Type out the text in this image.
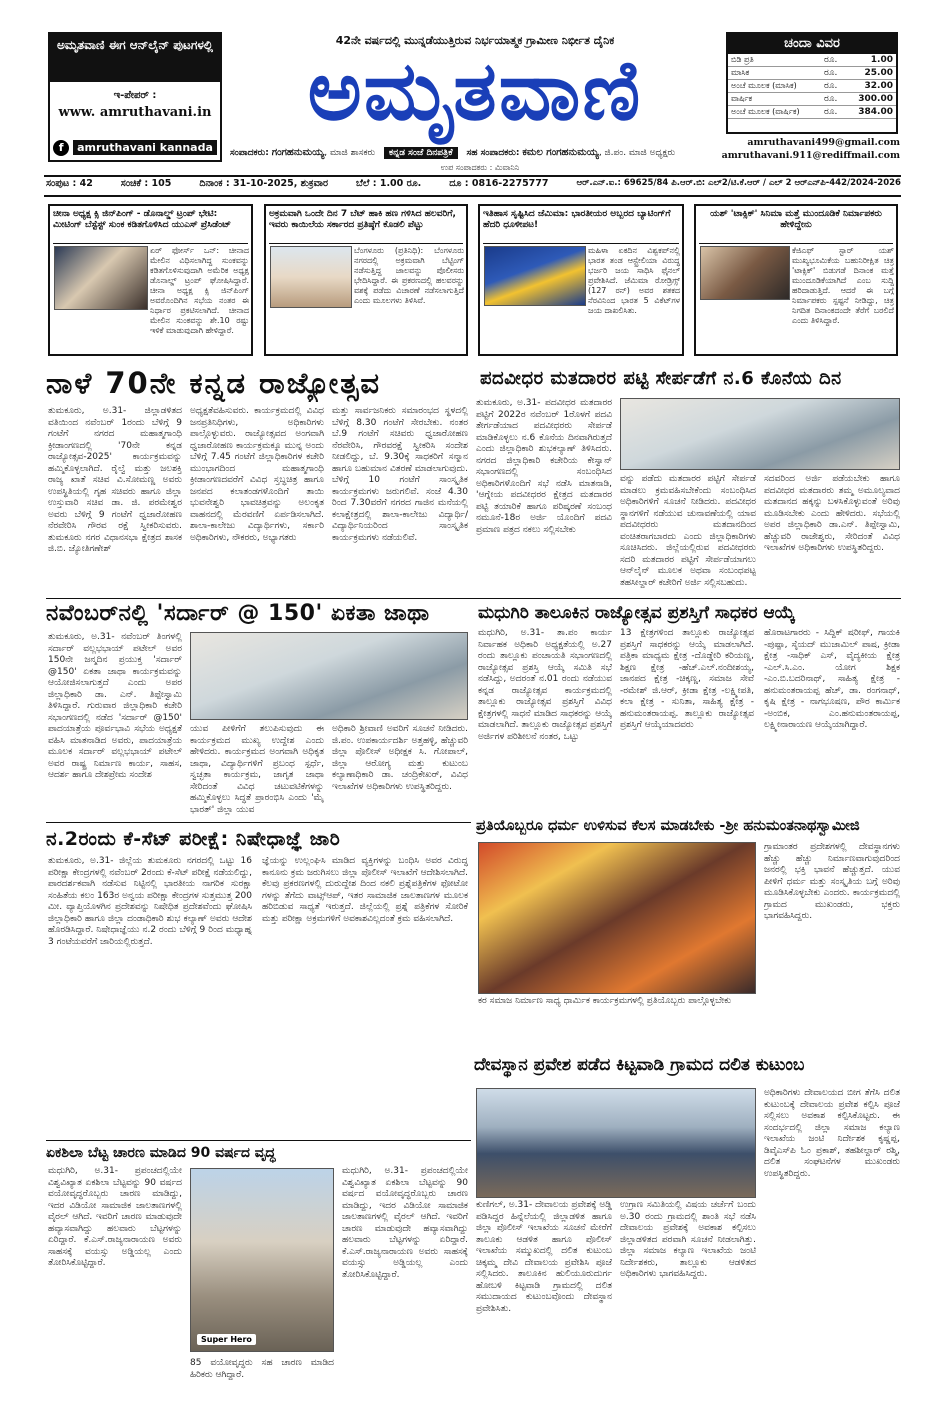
ಅಮೃತವಾಣಿ ಈಗ ಆನ್‌ಲೈನ್ ಪುಟಗಳಲ್ಲಿ
ಇ-ಪೇಪರ್ :
www. amruthavani.in
f amruthavani kannada
42ನೇ ವರ್ಷದಲ್ಲಿ ಮುನ್ನಡೆಯುತ್ತಿರುವ ನಿರ್ಭಯಾತ್ಮಕ ಗ್ರಾಮೀಣ ನಿರ್ಭೀತ ದೈನಿಕ
ಅಮೃತವಾಣಿ
ಸಂಪಾದಕರು: ಗಂಗಹನುಮಯ್ಯ, ಮಾಜಿ ಶಾಸಕರು ಕನ್ನಡ ಸಂಜೆ ದಿನಪತ್ರಿಕೆ ಸಹ ಸಂಪಾದಕರು: ಕಮಲ ಗಂಗಹನುಮಯ್ಯ, ಜಿ.ಪಂ. ಮಾಜಿ ಅಧ್ಯಕ್ಷರು
ಉಪ ಸಂಪಾದಕರು : ಮಿವಾನಿನಿ
ಚಂದಾ ವಿವರ
ಬಿಡಿ ಪ್ರತಿ	ರೂ.	1.00
ಮಾಸಿಕ	ರೂ.	25.00
ಅಂಚೆ ಮೂಲಕ (ಮಾಸಿಕ)	ರೂ.	32.00
ವಾರ್ಷಿಕ	ರೂ.	300.00
ಅಂಚೆ ಮೂಲಕ (ವಾರ್ಷಿಕ)	ರೂ.	384.00
amruthavani499@gmail.com
amruthavani.911@rediffmail.com
ಸಂಪುಟ : 42	ಸಂಚಿಕೆ : 105	ದಿನಾಂಕ : 31-10-2025, ಶುಕ್ರವಾರ	ಬೆಲೆ : 1.00 ರೂ.	ದೂ : 0816-2275777	ಆರ್.ಎನ್.ಐ.: 69625/84 ಪಿ.ಆರ್.ಬಿ: ಎಲ್2/ಟಿ.ಕೆ.ಆರ್ / ಎಲ್ 2 ಆರ್‌ಎನ್‌ಪಿ-442/2024-2026
ಚೀನಾ ಅಧ್ಯಕ್ಷ ಕ್ಸಿ ಜಿನ್‌ಪಿಂಗ್ - ಡೊನಾಲ್ಡ್ ಟ್ರಂಪ್ ಭೇಟಿ: ಮೀಟಿಂಗ್ ಬೆಸ್ಟೆಸ್ಟ್ ಸುಂಕ ಕಡಿತಗೊಳಿಸಿದ ಯುಎಸ್ ಪ್ರೆಸಿಡೆಂಟ್
ಏರ್ ಫೋರ್ಸ್ ಒನ್: ಚೀನಾದ ಮೇಲಿನ ವಿಧಿಸಲಾಗಿದ್ದ ಸುಂಕವನ್ನು ಕಡಿತಗೊಳಿಸುವುದಾಗಿ ಅಮೆರಿಕ ಅಧ್ಯಕ್ಷ ಡೊನಾಲ್ಡ್ ಟ್ರಂಪ್ ಘೋಷಿಸಿದ್ದಾರೆ. ಚೀನಾ ಅಧ್ಯಕ್ಷ ಕ್ಸಿ ಜಿನ್‌ಪಿಂಗ್ ಅವರೊಂದಿಗಿನ ಸಭೆಯ ನಂತರ ಈ ನಿರ್ಧಾರ ಪ್ರಕಟಿಸಲಾಗಿದೆ. ಚೀನಾದ ಮೇಲಿನ ಸುಂಕವನ್ನು ಶೇ.10 ರಷ್ಟು ಇಳಿಕೆ ಮಾಡುವುದಾಗಿ ಹೇಳಿದ್ದಾರೆ.
ಅಕ್ರಮವಾಗಿ ಒಂದೇ ದಿನ 7 ಬೆಟ್ ಹಾಕಿ ಹಣ ಗಳಿಸಿದ ಹಲವರಿಗೆ, ಇವರು ಕಾಯಿಲೆಯ ಸರ್ಕಾರದ ಪ್ರತಿಷ್ಠೆಗೆ ಕೊಡಲಿ ಪೆಟ್ಟು
ಬೆಂಗಳೂರು (ಪ್ರತಿನಿಧಿ): ಬೆಂಗಳೂರು ನಗರದಲ್ಲಿ ಅಕ್ರಮವಾಗಿ ಬೆಟ್ಟಿಂಗ್ ನಡೆಸುತ್ತಿದ್ದ ಜಾಲವನ್ನು ಪೊಲೀಸರು ಭೇದಿಸಿದ್ದಾರೆ. ಈ ಪ್ರಕರಣದಲ್ಲಿ ಹಲವರನ್ನು ವಶಕ್ಕೆ ಪಡೆದು ವಿಚಾರಣೆ ನಡೆಸಲಾಗುತ್ತಿದೆ ಎಂದು ಮೂಲಗಳು ತಿಳಿಸಿವೆ.
ಇತಿಹಾಸ ಸೃಷ್ಟಿಸಿದ ಜೆಮಿಮಾ: ಭಾರತೀಯರ ಅಬ್ಬರದ ಬ್ಯಾಟಿಂಗ್‌ಗೆ ಹೆದರಿ ಧೂಳೀಪಟ!
ಮಹಿಳಾ ಏಕದಿನ ವಿಶ್ವಕಪ್‌ನಲ್ಲಿ ಭಾರತ ತಂಡ ಆಸ್ಟ್ರೇಲಿಯಾ ವಿರುದ್ಧ ಭರ್ಜರಿ ಜಯ ಸಾಧಿಸಿ ಫೈನಲ್ ಪ್ರವೇಶಿಸಿದೆ. ಜೆಮಿಮಾ ರೋಡ್ರಿಗ್ಸ್ (127 ರನ್) ಅವರ ಶತಕದ ನೆರವಿನಿಂದ ಭಾರತ 5 ವಿಕೆಟ್‌ಗಳ ಜಯ ದಾಖಲಿಸಿತು.
ಯಶ್ 'ಟಾಕ್ಸಿಕ್' ಸಿನಿಮಾ ಮತ್ತೆ ಮುಂದೂಡಿಕೆ ನಿರ್ಮಾಪಕರು ಹೇಳಿದ್ದೇನು
ಕೆಜಿಎಫ್ ಸ್ಟಾರ್ ಯಶ್ ಮುಖ್ಯಭೂಮಿಕೆಯ ಬಹುನಿರೀಕ್ಷಿತ ಚಿತ್ರ 'ಟಾಕ್ಸಿಕ್' ಬಿಡುಗಡೆ ದಿನಾಂಕ ಮತ್ತೆ ಮುಂದೂಡಿಕೆಯಾಗಿದೆ ಎಂಬ ಸುದ್ದಿ ಹರಿದಾಡುತ್ತಿದೆ. ಆದರೆ ಈ ಬಗ್ಗೆ ನಿರ್ಮಾಪಕರು ಸ್ಪಷ್ಟನೆ ನೀಡಿದ್ದು, ಚಿತ್ರ ನಿಗದಿತ ದಿನಾಂಕದಂದೇ ತೆರೆಗೆ ಬರಲಿದೆ ಎಂದು ತಿಳಿಸಿದ್ದಾರೆ.
ನಾಳೆ 70ನೇ ಕನ್ನಡ ರಾಜ್ಯೋತ್ಸವ
ತುಮಕೂರು, ಅ.31- ಜಿಲ್ಲಾಡಳಿತದ ವತಿಯಿಂದ ನವೆಂಬರ್ 1ರಂದು ಬೆಳಿಗ್ಗೆ 9 ಗಂಟೆಗೆ ನಗರದ ಮಹಾತ್ಮಗಾಂಧಿ ಕ್ರೀಡಾಂಗಣದಲ್ಲಿ '70ನೇ ಕನ್ನಡ ರಾಜ್ಯೋತ್ಸವ-2025' ಕಾರ್ಯಕ್ರಮವನ್ನು ಹಮ್ಮಿಕೊಳ್ಳಲಾಗಿದೆ. ರೈಲ್ವೆ ಮತ್ತು ಜಲಶಕ್ತಿ ರಾಜ್ಯ ಖಾತೆ ಸಚಿವ ವಿ.ಸೋಮಣ್ಣ ಅವರು ಉಪಸ್ಥಿತಿಯಲ್ಲಿ ಗೃಹ ಸಚಿವರು ಹಾಗೂ ಜಿಲ್ಲಾ ಉಸ್ತುವಾರಿ ಸಚಿವ ಡಾ. ಜಿ. ಪರಮೇಶ್ವರ ಅವರು ಬೆಳಿಗ್ಗೆ 9 ಗಂಟೆಗೆ ಧ್ವಜಾರೋಹಣ ನೆರವೇರಿಸಿ ಗೌರವ ರಕ್ಷೆ ಸ್ವೀಕರಿಸುವರು. ತುಮಕೂರು ನಗರ ವಿಧಾನಸಭಾ ಕ್ಷೇತ್ರದ ಶಾಸಕ ಜಿ.ಬಿ. ಜ್ಯೋತಿಗಣೇಶ್
ಅಧ್ಯಕ್ಷತೆವಹಿಸುವರು. ಕಾರ್ಯಕ್ರಮದಲ್ಲಿ ವಿವಿಧ ಜನಪ್ರತಿನಿಧಿಗಳು, ಅಧಿಕಾರಿಗಳು ಪಾಲ್ಗೊಳ್ಳುವರು. ರಾಜ್ಯೋತ್ಸವದ ಅಂಗವಾಗಿ ಧ್ವಜಾರೋಹಣ ಕಾರ್ಯಕ್ರಮಕ್ಕೂ ಮುನ್ನ ಅಂದು ಬೆಳಿಗ್ಗೆ 7.45 ಗಂಟೆಗೆ ಜಿಲ್ಲಾಧಿಕಾರಿಗಳ ಕಚೇರಿ ಮುಂಭಾಗದಿಂದ ಮಹಾತ್ಮಗಾಂಧಿ ಕ್ರೀಡಾಂಗಣದವರೆಗೆ ವಿವಿಧ ಸ್ತಬ್ಧಚಿತ್ರ ಹಾಗೂ ಜನಪದ ಕಲಾತಂಡಗಳೊಂದಿಗೆ ತಾಯಿ ಭುವನೇಶ್ವರಿ ಭಾವಚಿತ್ರವನ್ನು ಅಲಂಕೃತ ವಾಹನದಲ್ಲಿ ಮೆರವಣಿಗೆ ಏರ್ಪಡಿಸಲಾಗಿದೆ. ಶಾಲಾ-ಕಾಲೇಜು ವಿದ್ಯಾರ್ಥಿಗಳು, ಸರ್ಕಾರಿ ಅಧಿಕಾರಿಗಳು, ನೌಕರರು, ಅಭ್ಯಾಗತರು
ಮತ್ತು ಸಾರ್ವಜನಿಕರು ಸಮಾರಂಭದ ಸ್ಥಳದಲ್ಲಿ ಬೆಳಿಗ್ಗೆ 8.30 ಗಂಟೆಗೆ ಸೇರಬೇಕು. ನಂತರ ಬೆ.9 ಗಂಟೆಗೆ ಸಚಿವರು ಧ್ವಜಾರೋಹಣ ನೆರವೇರಿಸಿ, ಗೌರವರಕ್ಷೆ ಸ್ವೀಕರಿಸಿ ಸಂದೇಶ ನೀಡಲಿದ್ದು, ಬೆ. 9.30ಕ್ಕೆ ಸಾಧಕರಿಗೆ ಸನ್ಮಾನ ಹಾಗೂ ಬಹುಮಾನ ವಿತರಣೆ ಮಾಡಲಾಗುವುದು. ಬೆಳಿಗ್ಗೆ 10 ಗಂಟೆಗೆ ಸಾಂಸ್ಕೃತಿಕ ಕಾರ್ಯಕ್ರಮಗಳು ಜರುಗಲಿವೆ. ಸಂಜೆ 4.30 ರಿಂದ 7.30ವರೆಗೆ ನಗರದ ಗಾಜಿನ ಮನೆಯಲ್ಲಿ ಕಲಾಕ್ಷೇತ್ರದಲ್ಲಿ ಶಾಲಾ-ಕಾಲೇಜು ವಿದ್ಯಾರ್ಥಿ/ವಿದ್ಯಾರ್ಥಿನಿಯರಿಂದ ಸಾಂಸ್ಕೃತಿಕ ಕಾರ್ಯಕ್ರಮಗಳು ನಡೆಯಲಿವೆ.
ಪದವೀಧರ ಮತದಾರರ ಪಟ್ಟಿ ಸೇರ್ಪಡೆಗೆ ನ.6 ಕೊನೆಯ ದಿನ
ತುಮಕೂರು, ಅ.31- ಪದವೀಧರ ಮತದಾರರ ಪಟ್ಟಿಗೆ 2022ರ ನವೆಂಬರ್ 1ರೊಳಗೆ ಪದವಿ ತೇರ್ಗಡೆಯಾದ ಪದವೀಧರರು ಸೇರ್ಪಡೆ ಮಾಡಿಕೊಳ್ಳಲು ನ.6 ಕೊನೆಯ ದಿನವಾಗಿರುತ್ತದೆ ಎಂದು ಜಿಲ್ಲಾಧಿಕಾರಿ ಶುಭಕಲ್ಯಾಣ್ ತಿಳಿಸಿದರು. ನಗರದ ಜಿಲ್ಲಾಧಿಕಾರಿ ಕಚೇರಿಯ ಕೇಸ್ವಾನ್ ಸಭಾಂಗಣದಲ್ಲಿ ಸಂಬಂಧಿಸಿದ ಅಧಿಕಾರಿಗಳೊಂದಿಗೆ ಸಭೆ ನಡೆಸಿ ಮಾತನಾಡಿ, 'ಆಗ್ನೇಯ ಪದವೀಧರರ ಕ್ಷೇತ್ರದ ಮತದಾರರ ಪಟ್ಟಿ ತಯಾರಿಕೆ ಹಾಗೂ ಪರಿಷ್ಕರಣೆ ಸಂಬಂಧ ನಮೂನೆ-18ರ ಅರ್ಜಿ ಯೊಂದಿಗೆ ಪದವಿ ಪ್ರಮಾಣ ಪತ್ರದ ನಕಲು ಸಲ್ಲಿಸಬೇಕು
ವನ್ನು ಪಡೆದು ಮತದಾರರ ಪಟ್ಟಿಗೆ ಸೇರ್ಪಡೆ ಮಾಡಲು ಕ್ರಮವಹಿಸಬೇಕೆಂದು ಸಂಬಂಧಿಸಿದ ಅಧಿಕಾರಿಗಳಿಗೆ ಸೂಚನೆ ನೀಡಿದರು. ಪದವೀಧರ ಸ್ಥಾನಗಳಿಗೆ ನಡೆಯುವ ಚುನಾವಣೆಯಲ್ಲಿ ಯಾವ ಪದವೀಧರರು ಮತದಾನದಿಂದ ವಂಚಿತರಾಗಬಾರದು ಎಂದು ಜಿಲ್ಲಾಧಿಕಾರಿಗಳು ಸೂಚಿಸಿದರು. ಜಿಲ್ಲೆಯಲ್ಲಿರುವ ಪದವೀಧರರು ಸದರಿ ಮತದಾರರ ಪಟ್ಟಿಗೆ ಸೇರ್ಪಡೆಯಾಗಲು ಆನ್‌ಲೈನ್ ಮೂಲಕ ಅಥವಾ ಸಂಬಂಧಪಟ್ಟ ತಹಸೀಲ್ದಾರ್ ಕಚೇರಿಗೆ ಅರ್ಜಿ ಸಲ್ಲಿಸಬಹುದು.
ಸದವರಿಂದ ಅರ್ಜಿ ಪಡೆಯಬೇಕು ಹಾಗೂ ಪದವೀಧರ ಮತದಾರರು ತಮ್ಮ ಅಮೂಲ್ಯವಾದ ಮತದಾನದ ಹಕ್ಕನ್ನು ಬಳಸಿಕೊಳ್ಳುವಂತೆ ಅರಿವು ಮೂಡಿಸಬೇಕು ಎಂದು ಹೇಳಿದರು. ಸಭೆಯಲ್ಲಿ ಅಪರ ಜಿಲ್ಲಾಧಿಕಾರಿ ಡಾ.ಎನ್. ತಿಪ್ಪೇಸ್ವಾಮಿ, ಹೆಚ್ಚುವರಿ ರಾಜೇಶ್ವರು, ಸೇರಿದಂತೆ ವಿವಿಧ ಇಲಾಖೆಗಳ ಅಧಿಕಾರಿಗಳು ಉಪಸ್ಥಿತರಿದ್ದರು.
ನವೆಂಬರ್‌ನಲ್ಲಿ 'ಸರ್ದಾರ್ @ 150' ಏಕತಾ ಜಾಥಾ
ತುಮಕೂರು, ಅ.31- ನವೆಂಬರ್ ತಿಂಗಳಲ್ಲಿ ಸರ್ದಾರ್ ವಲ್ಲಭಭಾಯ್ ಪಟೇಲ್ ಅವರ 150ನೇ ಜನ್ಮದಿನ ಪ್ರಯುಕ್ತ 'ಸರ್ದಾರ್ @150' ಏಕತಾ ಜಾಥಾ ಕಾರ್ಯಕ್ರಮವನ್ನು ಆಯೋಜಿಸಲಾಗುತ್ತದೆ ಎಂದು ಅಪರ ಜಿಲ್ಲಾಧಿಕಾರಿ ಡಾ. ಎನ್. ತಿಪ್ಪೇಸ್ವಾಮಿ ತಿಳಿಸಿದ್ದಾರೆ. ಗುರುವಾರ ಜಿಲ್ಲಾಧಿಕಾರಿ ಕಚೇರಿ ಸಭಾಂಗಣದಲ್ಲಿ ನಡೆದ 'ಸರ್ದಾರ್ @150' ಪಾದಯಾತ್ರೆಯ ಪೂರ್ವಭಾವಿ ಸಭೆಯ ಅಧ್ಯಕ್ಷತೆ ವಹಿಸಿ ಮಾತನಾಡಿದ ಅವರು, ಪಾದಯಾತ್ರೆಯ ಮೂಲಕ ಸರ್ದಾರ್ ವಲ್ಲಭಭಾಯ್ ಪಟೇಲ್ ಅವರ ರಾಷ್ಟ್ರ ನಿರ್ಮಾಣ ಕಾರ್ಯ, ಸಾಹಸ, ಆದರ್ಶ ಹಾಗೂ ದೇಶಪ್ರೇಮ ಸಂದೇಶ
ಯುವ ಪೀಳಿಗೆಗೆ ತಲುಪಿಸುವುದು ಈ ಕಾರ್ಯಕ್ರಮದ ಮುಖ್ಯ ಉದ್ದೇಶ ಎಂದು ಹೇಳಿದರು. ಕಾರ್ಯಕ್ರಮದ ಅಂಗವಾಗಿ ಅಧಿಕೃತ ಜಾಥಾ, ವಿದ್ಯಾರ್ಥಿಗಳಿಗೆ ಪ್ರಬಂಧ ಸ್ಪರ್ಧೆ, ಸ್ವಚ್ಛತಾ ಕಾರ್ಯಕ್ರಮ, ಜಾಗೃತ ಜಾಥಾ ಸೇರಿದಂತೆ ವಿವಿಧ ಚಟುವಟಿಕೆಗಳನ್ನು ಹಮ್ಮಿಕೊಳ್ಳಲು ಸಿದ್ಧತೆ ಪ್ರಾರಂಭಿಸಿ ಎಂದು 'ಮೈ ಭಾರತ್' ಜಿಲ್ಲಾ ಯುವ
ಅಧಿಕಾರಿ ಶ್ರೀವಾಣಿ ಅವರಿಗೆ ಸೂಚನೆ ನೀಡಿದರು. ಜಿ.ಪಂ. ಉಪಕಾರ್ಯದರ್ಶಿ ಅತ್ತಹಳ್ಳಿ, ಹೆಚ್ಚುವರಿ ಜಿಲ್ಲಾ ಪೊಲೀಸ್ ಅಧೀಕ್ಷಕ ಸಿ. ಗೋಪಾಲ್, ಜಿಲ್ಲಾ ಆರೋಗ್ಯ ಮತ್ತು ಕುಟುಂಬ ಕಲ್ಯಾಣಾಧಿಕಾರಿ ಡಾ. ಚಂದ್ರಿಕೇಖರ್, ವಿವಿಧ ಇಲಾಖೆಗಳ ಅಧಿಕಾರಿಗಳು ಉಪಸ್ಥಿತರಿದ್ದರು.
ಮಧುಗಿರಿ ತಾಲೂಕಿನ ರಾಜ್ಯೋತ್ಸವ ಪ್ರಶಸ್ತಿಗೆ ಸಾಧಕರ ಆಯ್ಕೆ
ಮಧುಗಿರಿ, ಅ.31- ತಾ.ಪಂ ಕಾರ್ಯ ನಿರ್ವಾಹಕ ಅಧಿಕಾರಿ ಅಧ್ಯಕ್ಷತೆಯಲ್ಲಿ ಅ.27 ರಂದು ತಾಲ್ಲೂಕು ಪಂಚಾಯತಿ ಸಭಾಂಗಣದಲ್ಲಿ ರಾಜ್ಯೋತ್ಸವ ಪ್ರಶಸ್ತಿ ಆಯ್ಕೆ ಸಮಿತಿ ಸಭೆ ನಡೆಸಿದ್ದು, ಅದರಂತೆ ನ.01 ರಂದು ನಡೆಯುವ ಕನ್ನಡ ರಾಜ್ಯೋತ್ಸವ ಕಾರ್ಯಕ್ರಮದಲ್ಲಿ ತಾಲ್ಲೂಕು ರಾಜ್ಯೋತ್ಸವ ಪ್ರಶಸ್ತಿಗೆ ವಿವಿಧ ಕ್ಷೇತ್ರಗಳಲ್ಲಿ ಸಾಧನೆ ಮಾಡಿದ ಸಾಧಕರನ್ನು ಆಯ್ಕೆ ಮಾಡಲಾಗಿದೆ. ತಾಲ್ಲೂಕು ರಾಜ್ಯೋತ್ಸವ ಪ್ರಶಸ್ತಿಗೆ ಅರ್ಜಿಗಳ ಪರಿಶೀಲನೆ ನಂತರ, ಒಟ್ಟು
13 ಕ್ಷೇತ್ರಗಳಿಂದ ತಾಲ್ಲೂಕು ರಾಜ್ಯೋತ್ಸವ ಪ್ರಶಸ್ತಿಗೆ ಸಾಧಕರನ್ನು ಆಯ್ಕೆ ಮಾಡಲಾಗಿದೆ. ಪತ್ರಿಕಾ ಮಾಧ್ಯಮ ಕ್ಷೇತ್ರ -ದೊಡ್ಡೇರಿ ಕರಿಯಣ್ಣ, ಶಿಕ್ಷಣ ಕ್ಷೇತ್ರ -ಹೆಚ್.ಎಲ್.ನಂದೀಶಯ್ಯ, ಜಾನಪದ ಕ್ಷೇತ್ರ -ಚಿಕ್ಕಣ್ಣ, ಸಮಾಜ ಸೇವೆ -ರಮೇಶ್ ಜಿ.ಆರ್, ಕ್ರೀಡಾ ಕ್ಷೇತ್ರ -ಲಕ್ಷ್ಮೀಪತಿ, ಕಲಾ ಕ್ಷೇತ್ರ - ಸುನಿತಾ, ಸಾಹಿತ್ಯ ಕ್ಷೇತ್ರ - ಹನುಮಂತರಾಯಪ್ಪ. ತಾಲ್ಲೂಕು ರಾಜ್ಯೋತ್ಸವ ಪ್ರಶಸ್ತಿಗೆ ಆಯ್ಕೆಯಾದವರು
ಹೊರಾಟಗಾರರು - ಸಿದ್ದಿಕ್ ಷರೀಫ್, ಗಾಯಕಿ -ಪುಷ್ಪಾ, ಸೈಯದ್ ಮುಜಾಮಿಲ್ ಪಾಷ, ಕ್ರೀಡಾ ಕ್ಷೇತ್ರ -ಸಾಧಿಕ್ ಎಸ್, ವೈದ್ಯಕೀಯ ಕ್ಷೇತ್ರ -ಎಲ್.ಸಿ.ಎಂ. ಯೋಗ ಶಿಕ್ಷಕ -ಎಂ.ಬಿ.ಬದರಿನಾಥ್, ಸಾಹಿತ್ಯ ಕ್ಷೇತ್ರ - ಹನುಮಂತರಾಯಪ್ಪ ಹೆಚ್, ಡಾ. ರಂಗನಾಥ್, ಕೃಷಿ ಕ್ಷೇತ್ರ - ನಾಗಭೂಷಣ, ಪೌರ ಕಾರ್ಮಿಕ -ಅಂಬಿಕ, ಎಂ.ಹನುಮಂತರಾಯಪ್ಪ, ಲಕ್ಷ್ಮೀನಾರಾಯಣ ಆಯ್ಕೆಯಾಗಿದ್ದಾರೆ.
ನ.2ರಂದು ಕೆ-ಸೆಟ್ ಪರೀಕ್ಷೆ: ನಿಷೇಧಾಜ್ಞೆ ಜಾರಿ
ತುಮಕೂರು, ಅ.31- ಜಿಲ್ಲೆಯ ತುಮಕೂರು ನಗರದಲ್ಲಿ ಒಟ್ಟು 16 ಪರೀಕ್ಷಾ ಕೇಂದ್ರಗಳಲ್ಲಿ ನವೆಂಬರ್ 2ರಂದು ಕೆ-ಸೆಟ್ ಪರೀಕ್ಷೆ ನಡೆಯಲಿದ್ದು, ಪಾರದರ್ಶಕವಾಗಿ ನಡೆಸುವ ನಿಟ್ಟಿನಲ್ಲಿ ಭಾರತೀಯ ನಾಗರಿಕ ಸುರಕ್ಷಾ ಸಂಹಿತೆಯ ಕಲಂ 163ರ ಅನ್ವಯ ಪರೀಕ್ಷಾ ಕೇಂದ್ರಗಳ ಸುತ್ತಮುತ್ತ 200 ಮೀ. ವ್ಯಾಪ್ತಿಯೊಳಗಿನ ಪ್ರದೇಶವನ್ನು ನಿಷೇಧಿತ ಪ್ರದೇಶವೆಂದು ಘೋಷಿಸಿ ಜಿಲ್ಲಾಧಿಕಾರಿ ಹಾಗೂ ಜಿಲ್ಲಾ ದಂಡಾಧಿಕಾರಿ ಶುಭ ಕಲ್ಯಾಣ್ ಅವರು ಆದೇಶ ಹೊರಡಿಸಿದ್ದಾರೆ. ನಿಷೇಧಾಜ್ಞೆಯು ನ.2 ರಂದು ಬೆಳಿಗ್ಗೆ 9 ರಿಂದ ಮಧ್ಯಾಹ್ನ 3 ಗಂಟೆಯವರೆಗೆ ಜಾರಿಯಲ್ಲಿರುತ್ತದೆ.
ಜ್ಞೆಯನ್ನು ಉಲ್ಲಂಘಿಸಿ ಮಾಡಿದ ವ್ಯಕ್ತಿಗಳನ್ನು ಬಂಧಿಸಿ ಅವರ ವಿರುದ್ಧ ಕಾನೂನು ಕ್ರಮ ಜರುಗಿಸಲು ಜಿಲ್ಲಾ ಪೊಲೀಸ್ ಇಲಾಖೆಗೆ ಆದೇಶಿಸಲಾಗಿದೆ. ಕೆಲವು ಪ್ರಕರಣಗಳಲ್ಲಿ ದುರುದ್ದೇಶ ದಿಂದ ನಕಲಿ ಪ್ರಶ್ನೆಪತ್ರಿಕೆಗಳ ಫೋಟೋ ಗಳನ್ನು ತೆಗೆದು ವಾಟ್ಸ್‌ಆಪ್, ಇತರ ಸಾಮಾಜಿಕ ಜಾಲತಾಣಗಳ ಮೂಲಕ ಹರಿಬಿಡುವ ಸಾಧ್ಯತೆ ಇರುತ್ತದೆ. ಜಿಲ್ಲೆಯಲ್ಲಿ ಪ್ರಶ್ನೆ ಪತ್ರಿಕೆಗಳ ಸೋರಿಕೆ ಮತ್ತು ಪರೀಕ್ಷಾ ಅಕ್ರಮಗಳಿಗೆ ಅವಕಾಶವಿಲ್ಲದಂತೆ ಕ್ರಮ ವಹಿಸಲಾಗಿದೆ.
ಪ್ರತಿಯೊಬ್ಬರೂ ಧರ್ಮ ಉಳಿಸುವ ಕೆಲಸ ಮಾಡಬೇಕು -ಶ್ರೀ ಹನುಮಂತನಾಥಸ್ವಾಮೀಜಿ
ಕರ ಸಮಾಜ ನಿರ್ಮಾಣ ಸಾಧ್ಯ ಧಾರ್ಮಿಕ ಕಾರ್ಯಕ್ರಮಗಳಲ್ಲಿ ಪ್ರತಿಯೊಬ್ಬರು ಪಾಲ್ಗೊಳ್ಳಬೇಕು
ಗ್ರಾಮಾಂತರ ಪ್ರದೇಶಗಳಲ್ಲಿ ದೇವಸ್ಥಾನಗಳು ಹೆಚ್ಚು ಹೆಚ್ಚು ನಿರ್ಮಾಣವಾಗುವುದರಿಂದ ಜನರಲ್ಲಿ ಭಕ್ತಿ ಭಾವನೆ ಹೆಚ್ಚುತ್ತದೆ. ಯುವ ಪೀಳಿಗೆ ಧರ್ಮ ಮತ್ತು ಸಂಸ್ಕೃತಿಯ ಬಗ್ಗೆ ಅರಿವು ಮೂಡಿಸಿಕೊಳ್ಳಬೇಕು ಎಂದರು. ಕಾರ್ಯಕ್ರಮದಲ್ಲಿ ಗ್ರಾಮದ ಮುಖಂಡರು, ಭಕ್ತರು ಭಾಗವಹಿಸಿದ್ದರು.
ದೇವಸ್ಥಾನ ಪ್ರವೇಶ ಪಡೆದ ಕಿಟ್ಟವಾಡಿ ಗ್ರಾಮದ ದಲಿತ ಕುಟುಂಬ
ಕುಣಿಗಲ್, ಅ.31- ದೇವಾಲಯ ಪ್ರವೇಶಕ್ಕೆ ಅಡ್ಡಿ ಪಡಿಸಿದ್ದರ ಹಿನ್ನೆಲೆಯಲ್ಲಿ ಜಿಲ್ಲಾಡಳಿತ ಹಾಗೂ ಜಿಲ್ಲಾ ಪೊಲೀಸ್ ಇಲಾಖೆಯ ಸೂಚನೆ ಮೇರೆಗೆ ತಾಲೂಕು ಆಡಳಿತ ಹಾಗೂ ಪೊಲೀಸ್ ಇಲಾಖೆಯ ಸಮ್ಮುಖದಲ್ಲಿ ದಲಿತ ಕುಟುಂಬ ಚಿಕ್ಕಮ್ಮ ದೇವಿ ದೇವಾಲಯ ಪ್ರವೇಶಿಸಿ ಪೂಜೆ ಸಲ್ಲಿಸಿದರು. ತಾಲೂಕಿನ ಹುಲಿಯೂರುದುರ್ಗ ಹೋಬಳಿ ಕಿಟ್ಟವಾಡಿ ಗ್ರಾಮದಲ್ಲಿ ದಲಿತ ಸಮುದಾಯದ ಕುಟುಂಬವೊಂದು ದೇವಸ್ಥಾನ ಪ್ರವೇಶಿಸಿತು.
ಉಗ್ರಾಣ ಸಮಿತಿಯಲ್ಲಿ ವಿಷಯ ಚರ್ಚೆಗೆ ಬಂದು ಅ.30 ರಂದು ಗ್ರಾಮದಲ್ಲಿ ಶಾಂತಿ ಸಭೆ ನಡೆಸಿ ದೇವಾಲಯ ಪ್ರವೇಶಕ್ಕೆ ಅವಕಾಶ ಕಲ್ಪಿಸಲು ಜಿಲ್ಲಾಡಳಿತದ ಪರವಾಗಿ ಸೂಚನೆ ನೀಡಲಾಗಿತ್ತು. ಜಿಲ್ಲಾ ಸಮಾಜ ಕಲ್ಯಾಣ ಇಲಾಖೆಯ ಜಂಟಿ ನಿರ್ದೇಶಕರು, ತಾಲ್ಲೂಕು ಆಡಳಿತದ ಅಧಿಕಾರಿಗಳು ಭಾಗವಹಿಸಿದ್ದರು.
ಅಧಿಕಾರಿಗಳು ದೇವಾಲಯದ ಬೀಗ ತೆಗೆಸಿ ದಲಿತ ಕುಟುಂಬಕ್ಕೆ ದೇವಾಲಯ ಪ್ರವೇಶ ಕಲ್ಪಿಸಿ ಪೂಜೆ ಸಲ್ಲಿಸಲು ಅವಕಾಶ ಕಲ್ಪಿಸಿಕೊಟ್ಟರು. ಈ ಸಂದರ್ಭದಲ್ಲಿ ಜಿಲ್ಲಾ ಸಮಾಜ ಕಲ್ಯಾಣ ಇಲಾಖೆಯ ಜಂಟಿ ನಿರ್ದೇಶಕ ಕೃಷ್ಣಪ್ಪ, ಡಿವೈಎಸ್‌ಪಿ ಓಂ ಪ್ರಕಾಶ್, ತಹಶೀಲ್ದಾರ್ ರಶ್ಮಿ, ದಲಿತ ಸಂಘಟನೆಗಳ ಮುಖಂಡರು ಉಪಸ್ಥಿತರಿದ್ದರು.
ಏಕಶಿಲಾ ಬೆಟ್ಟ ಚಾರಣ ಮಾಡಿದ 90 ವರ್ಷದ ವೃದ್ಧ
ಮಧುಗಿರಿ, ಅ.31- ಪ್ರಪಂಚದಲ್ಲಿಯೇ ವಿಶ್ವವಿಖ್ಯಾತ ಏಕಶಿಲಾ ಬೆಟ್ಟವನ್ನು 90 ವರ್ಷದ ವಯೋವೃದ್ಧರೊಬ್ಬರು ಚಾರಣ ಮಾಡಿದ್ದು, ಇದರ ವಿಡಿಯೋ ಸಾಮಾಜಿಕ ಜಾಲತಾಣಗಳಲ್ಲಿ ವೈರಲ್ ಆಗಿದೆ. ಇವರಿಗೆ ಚಾರಣ ಮಾಡುವುದೇ ಹವ್ಯಾಸವಾಗಿದ್ದು ಹಲವಾರು ಬೆಟ್ಟಗಳನ್ನು ಏರಿದ್ದಾರೆ. ಕೆ.ಎಸ್.ರಾಜ್ಯನಾರಾಯಣ ಅವರು ಸಾಹಸಕ್ಕೆ ವಯಸ್ಸು ಅಡ್ಡಿಯಲ್ಲ ಎಂದು ತೋರಿಸಿಕೊಟ್ಟಿದ್ದಾರೆ.
Super Hero
85 ವಯೋವೃದ್ಧರು ಸಹ ಚಾರಣ ಮಾಡಿದ ಹಿರಿಕರು ಆಗಿದ್ದಾರೆ.
ಮಧುಗಿರಿ, ಅ.31- ಪ್ರಪಂಚದಲ್ಲಿಯೇ ವಿಶ್ವವಿಖ್ಯಾತ ಏಕಶಿಲಾ ಬೆಟ್ಟವನ್ನು 90 ವರ್ಷದ ವಯೋವೃದ್ಧರೊಬ್ಬರು ಚಾರಣ ಮಾಡಿದ್ದು, ಇದರ ವಿಡಿಯೋ ಸಾಮಾಜಿಕ ಜಾಲತಾಣಗಳಲ್ಲಿ ವೈರಲ್ ಆಗಿದೆ. ಇವರಿಗೆ ಚಾರಣ ಮಾಡುವುದೇ ಹವ್ಯಾಸವಾಗಿದ್ದು ಹಲವಾರು ಬೆಟ್ಟಗಳನ್ನು ಏರಿದ್ದಾರೆ. ಕೆ.ಎಸ್.ರಾಜ್ಯನಾರಾಯಣ ಅವರು ಸಾಹಸಕ್ಕೆ ವಯಸ್ಸು ಅಡ್ಡಿಯಲ್ಲ ಎಂದು ತೋರಿಸಿಕೊಟ್ಟಿದ್ದಾರೆ.
